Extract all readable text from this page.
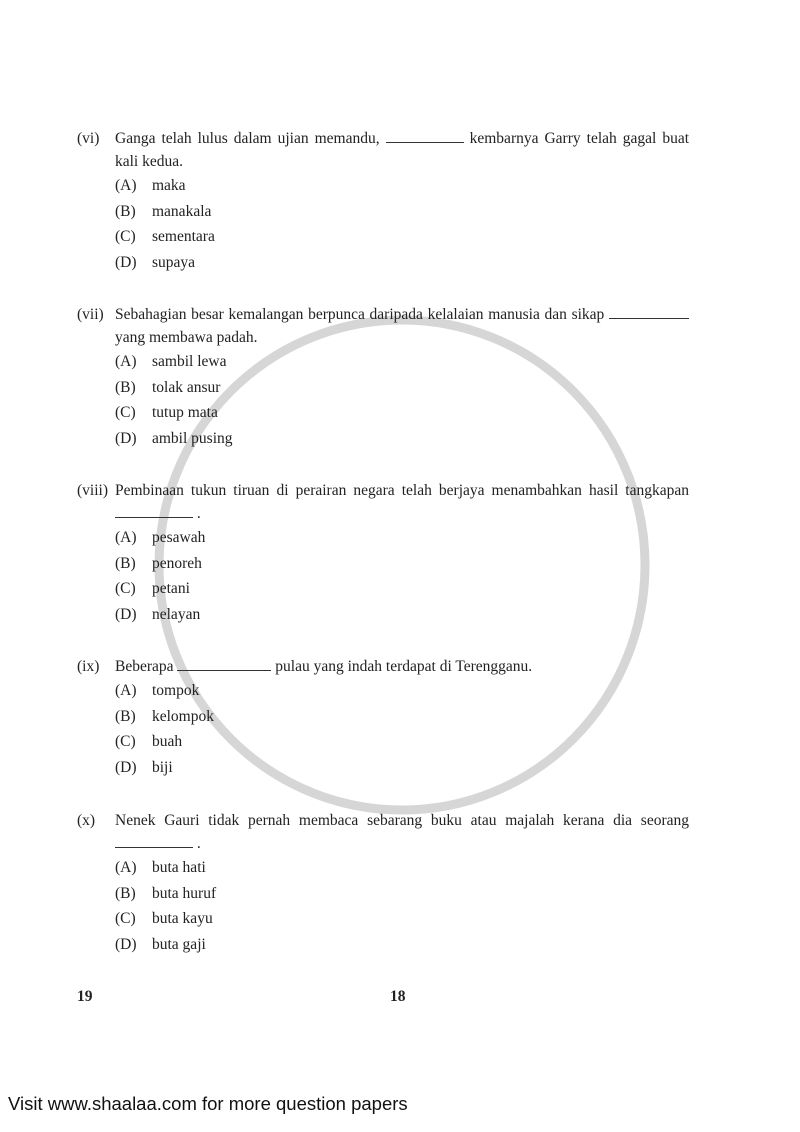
(vi) Ganga telah lulus dalam ujian memandu,	kembarnya Garry telah gagal buat kali kedua.
(A) maka
(B) manakala
(C) sementara
(D) supaya
(vii) Sebahagian besar kemalangan berpunca daripada kelalaian manusia dan sikap  yang membawa padah.
(A) sambil lewa
(B) tolak ansur
(C) tutup mata
(D) ambil pusing
(viii) Pembinaan tukun tiruan di perairan negara telah berjaya menambahkan hasil tangkapan  .
(A) pesawah
(B) penoreh
(C) petani
(D) nelayan
(ix) Beberapa	pulau yang indah terdapat di Terengganu.
(A) tompok
(B) kelompok
(C) buah
(D) biji
(x) Nenek Gauri tidak pernah membaca sebarang buku atau majalah kerana dia seorang  .
(A) buta hati
(B) buta huruf
(C) buta kayu
(D) buta gaji
19	18
Visit www.shaalaa.com for more question papers
